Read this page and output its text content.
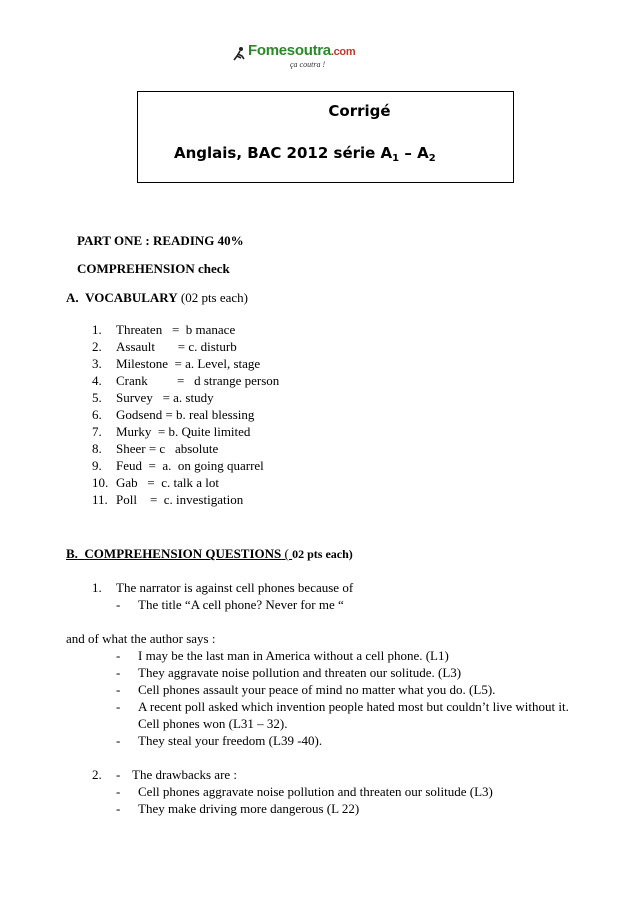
Fomesoutra.com
ça coutra !
Corrigé
Anglais, BAC 2012 série $A_1 - A_2$
PART ONE : READING 40%
COMPREHENSION check
A. VOCABULARY (02 pts each)
1.	Threaten   =  b manace
2.	Assault       = c. disturb
3.	Milestone  = a. Level, stage
4.	Crank         =   d strange person
5.	Survey   = a. study
6.	Godsend = b. real blessing
7.	Murky  = b. Quite limited
8.	Sheer = c   absolute
9.	Feud  =  a.  on going quarrel
10. Gab   =  c. talk a lot
11. Poll    =  c. investigation
B. COMPREHENSION QUESTIONS ( 02 pts each)
1. The narrator is against cell phones because of
- The title “A cell phone? Never for me “
and of what the author says :
- I may be the last man in America without a cell phone. (L1)
- They aggravate noise pollution and threaten our solitude. (L3)
- Cell phones assault your peace of mind no matter what you do. (L5).
- A recent poll asked which invention people hated most but couldn’t live without it.
Cell phones won (L31 – 32).
- They steal your freedom (L39 -40).
2. - The drawbacks are :
- Cell phones aggravate noise pollution and threaten our solitude (L3)
- They make driving more dangerous (L 22)
